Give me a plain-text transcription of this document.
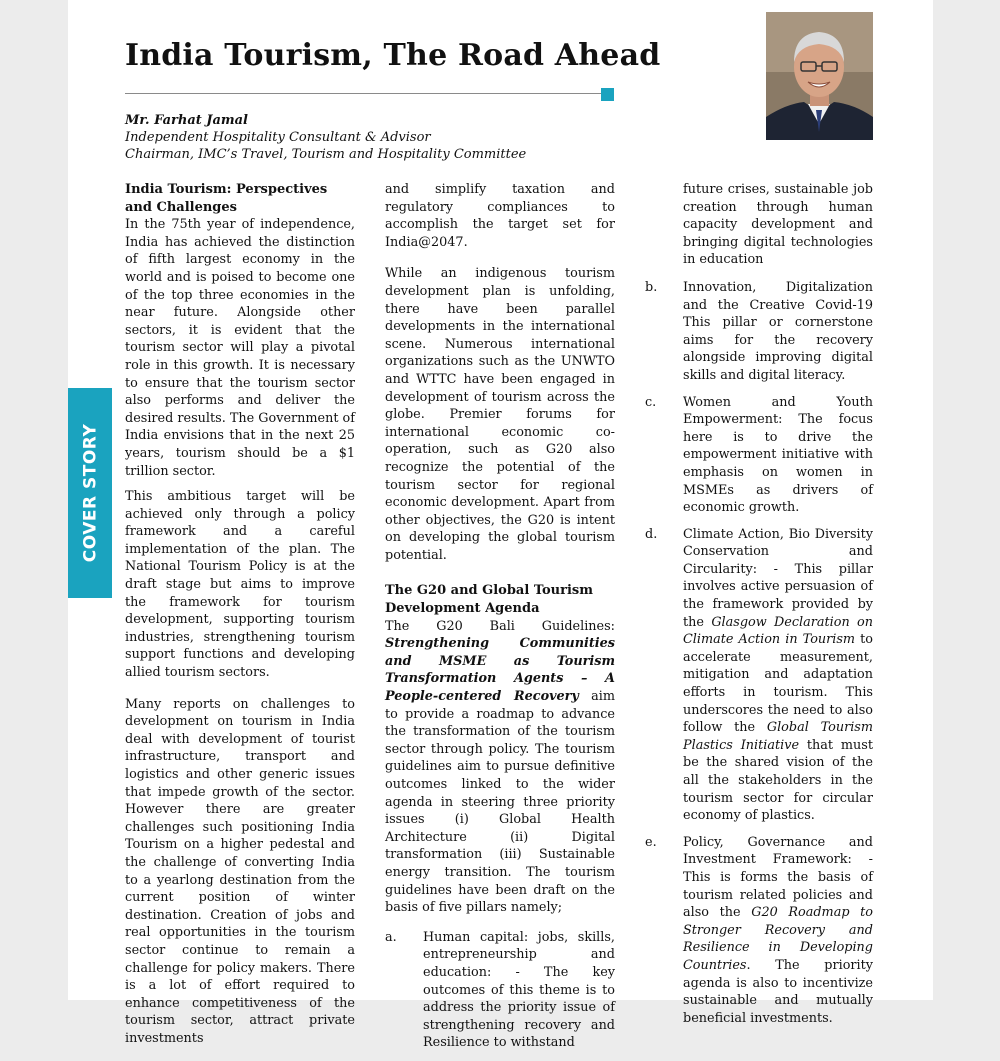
India Tourism, The Road Ahead
Mr. Farhat Jamal
Independent Hospitality Consultant & Advisor
Chairman, IMC’s Travel, Tourism and Hospitality Committee
COVER STORY
India Tourism: Perspectives and Challenges

In the 75th year of independence, India has achieved the distinction of fifth largest economy in the world and is poised to become one of the top three economies in the near future. Alongside other sectors, it is evident that the tourism sector will play a pivotal role in this growth. It is necessary to ensure that the tourism sector also performs and deliver the desired results. The Government of India envisions that in the next 25 years, tourism should be a $1 trillion sector.

This ambitious target will be achieved only through a policy framework and a careful implementation of the plan. The National Tourism Policy is at the draft stage but aims to improve the framework for tourism development, supporting tourism industries, strengthening tourism support functions and developing allied tourism sectors.

Many reports on challenges to development on tourism in India deal with development of tourist infrastructure, transport and logistics and other generic issues that impede growth of the sector. However there are greater challenges such positioning India Tourism on a higher pedestal and the challenge of converting India to a yearlong destination from the current position of winter destination. Creation of jobs and real opportunities in the tourism sector continue to remain a challenge for policy makers. There is a lot of effort required to enhance competitiveness of the tourism sector, attract private investments

and simplify taxation and regulatory compliances to accomplish the target set for India@2047.

While an indigenous tourism development plan is unfolding, there have been parallel developments in the international scene. Numerous international organizations such as the UNWTO and WTTC have been engaged in development of tourism across the globe. Premier forums for international economic co-operation, such as G20 also recognize the potential of the tourism sector for regional economic development. Apart from other objectives, the G20 is intent on developing the global tourism potential.

The G20 and Global Tourism Development Agenda

The G20 Bali Guidelines: Strengthening Communities and MSME as Tourism Transformation Agents – A People-centered Recovery aim to provide a roadmap to advance the transformation of the tourism sector through policy. The tourism guidelines aim to pursue definitive outcomes linked to the wider agenda in steering three priority issues (i) Global Health Architecture (ii) Digital transformation (iii) Sustainable energy transition. The tourism guidelines have been draft on the basis of five pillars namely;

a.	Human capital: jobs, skills, entrepreneurship and education: - The key outcomes of this theme is to address the priority issue of strengthening recovery and Resilience to withstand
future crises, sustainable job creation through human capacity development and bringing digital technologies in education
b.	Innovation, Digitalization and the Creative Covid-19 This pillar or cornerstone aims for the recovery alongside improving digital skills and digital literacy.
c.	Women and Youth Empowerment: The focus here is to drive the empowerment initiative with emphasis on women in MSMEs as drivers of economic growth.
d.	Climate Action, Bio Diversity Conservation and Circularity: - This pillar involves active persuasion of the framework provided by the Glasgow Declaration on Climate Action in Tourism to accelerate measurement, mitigation and adaptation efforts in tourism. This underscores the need to also follow the Global Tourism Plastics Initiative that must be the shared vision of the all the stakeholders in the tourism sector for circular economy of plastics.
e.	Policy, Governance and Investment Framework: - This is forms the basis of tourism related policies and also the G20 Roadmap to Stronger Recovery and Resilience in Developing Countries. The priority agenda is also to incentivize sustainable and mutually beneficial investments.
